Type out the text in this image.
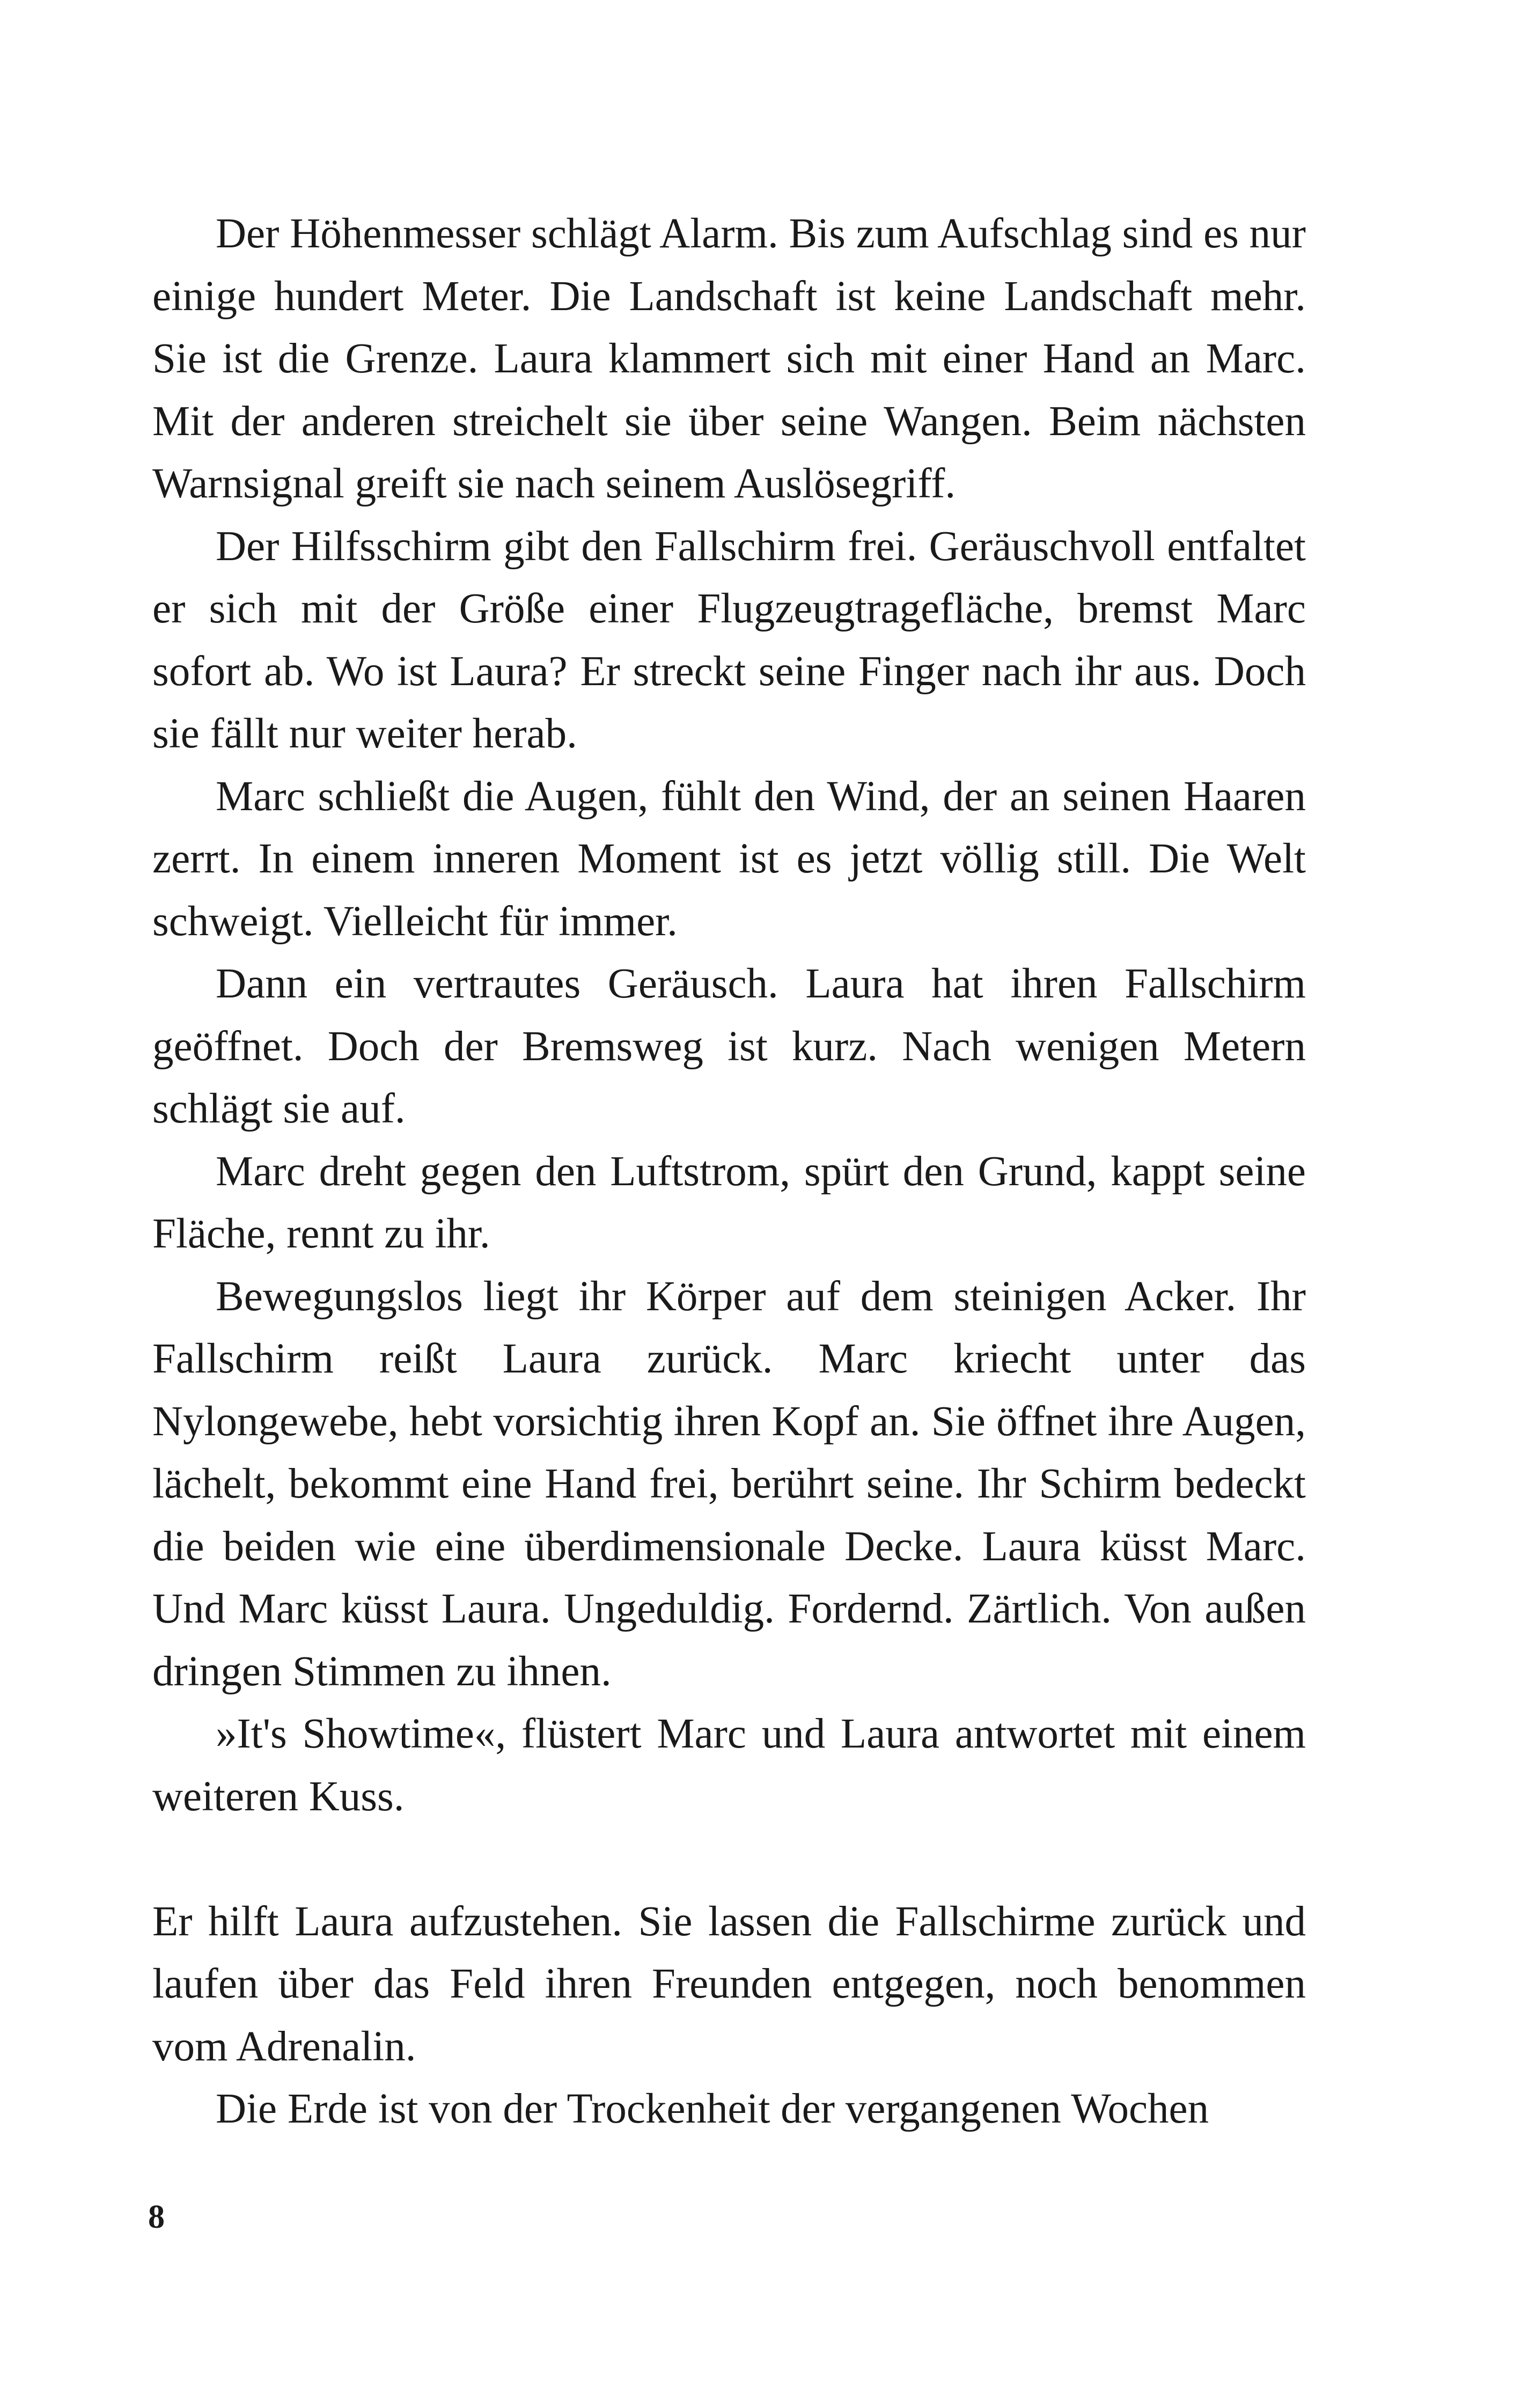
Der Höhenmesser schlägt Alarm. Bis zum Aufschlag sind es nur einige hundert Meter. Die Landschaft ist keine Landschaft mehr. Sie ist die Grenze. Laura klammert sich mit einer Hand an Marc. Mit der anderen streichelt sie über seine Wangen. Beim nächsten Warnsignal greift sie nach seinem Auslösegriff.

Der Hilfsschirm gibt den Fallschirm frei. Geräuschvoll entfaltet er sich mit der Größe einer Flugzeugtragefläche, bremst Marc sofort ab. Wo ist Laura? Er streckt seine Finger nach ihr aus. Doch sie fällt nur weiter herab.

Marc schließt die Augen, fühlt den Wind, der an seinen Haaren zerrt. In einem inneren Moment ist es jetzt völlig still. Die Welt schweigt. Vielleicht für immer.

Dann ein vertrautes Geräusch. Laura hat ihren Fallschirm geöffnet. Doch der Bremsweg ist kurz. Nach wenigen Metern schlägt sie auf.

Marc dreht gegen den Luftstrom, spürt den Grund, kappt seine Fläche, rennt zu ihr.

Bewegungslos liegt ihr Körper auf dem steinigen Acker. Ihr Fallschirm reißt Laura zurück. Marc kriecht unter das Nylongewebe, hebt vorsichtig ihren Kopf an. Sie öffnet ihre Augen, lächelt, bekommt eine Hand frei, berührt seine. Ihr Schirm bedeckt die beiden wie eine überdimensionale Decke. Laura küsst Marc. Und Marc küsst Laura. Ungeduldig. Fordernd. Zärtlich. Von außen dringen Stimmen zu ihnen.

»It's Showtime«, flüstert Marc und Laura antwortet mit einem weiteren Kuss.

Er hilft Laura aufzustehen. Sie lassen die Fallschirme zurück und laufen über das Feld ihren Freunden entgegen, noch benommen vom Adrenalin.

Die Erde ist von der Trockenheit der vergangenen Wochen

8
